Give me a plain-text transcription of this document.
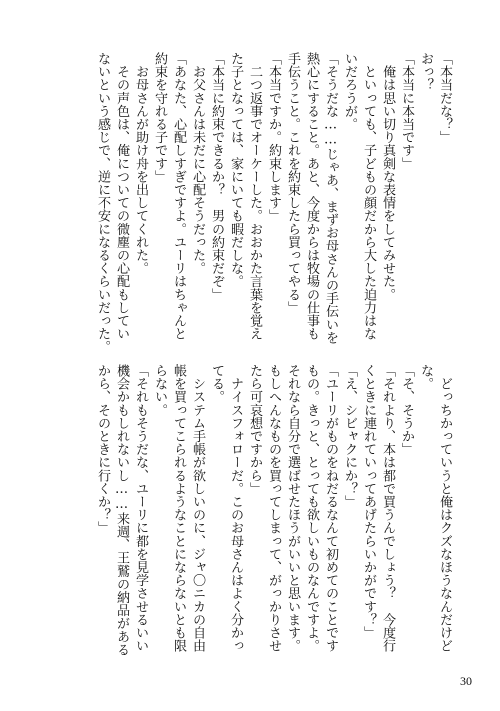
「本当だな？」
おっ？
「本当に本当です」
　俺は思い切り真剣な表情をしてみせた。
　といっても、子どもの顔だから大した迫力はな
いだろうが。
「そうだな……じゃあ、まずお母さんの手伝いを
熱心にすること。あと、今度からは牧場の仕事も
手伝うこと。これを約束したら買ってやる」
「本当ですか。約束します」
　二つ返事でオーケーした。おおかた言葉を覚え
た子となっては、家にいても暇だしな。
「本当に約束できるか？　男の約束だぞ」
　お父さんは未だに心配そうだった。
「あなた、心配しすぎですよ。ユーリはちゃんと
約束を守れる子です」
　お母さんが助け舟を出してくれた。
　その声色は、俺についての微塵の心配もしてい
ないという感じで、逆に不安になるくらいだった。
　どっちかっていうと俺はクズなほうなんだけど
な。
「そ、そうか」
「それより、本は都で買うんでしょう？　今度行
くときに連れていってあげたらいかがです？」
「え、シビャクにか？」
「ユーリがものをねだるなんて初めてのことです
もの。きっと、とっても欲しいものなんですよ。
それなら自分で選ばせたほうがいいと思います。
もしへんなものを買ってしまって、がっかりさせ
たら可哀想ですから」
　ナイスフォローだ。このお母さんはよく分かっ
てる。
　システム手帳が欲しいのに、ジャ〇ニカの自由
帳を買ってこられるようなことにならないとも限
らない。
「それもそうだな、ユーリに都を見学させるいい
機会かもしれないし……来週、王鷲の納品がある
から、そのときに行くか？」
30
